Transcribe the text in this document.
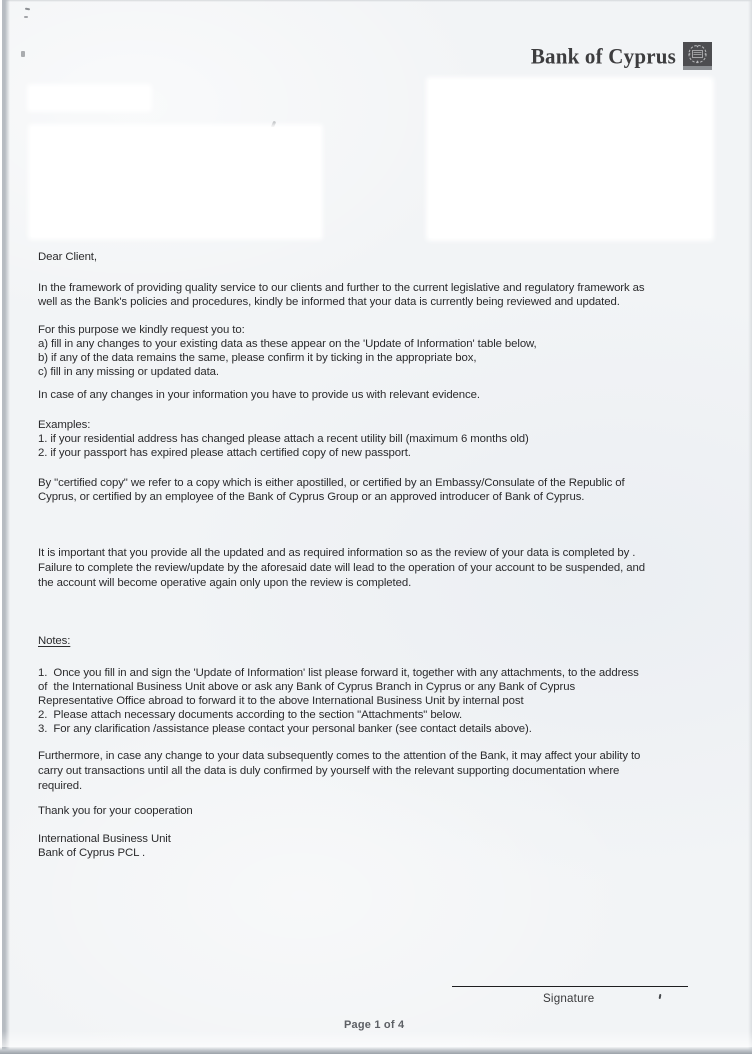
Bank of Cyprus
Dear Client,
In the framework of providing quality service to our clients and further to the current legislative and regulatory framework as
well as the Bank's policies and procedures, kindly be informed that your data is currently being reviewed and updated.
For this purpose we kindly request you to:
a) fill in any changes to your existing data as these appear on the 'Update of Information' table below,
b) if any of the data remains the same, please confirm it by ticking in the appropriate box,
c) fill in any missing or updated data.
In case of any changes in your information you have to provide us with relevant evidence.
Examples:
1. if your residential address has changed please attach a recent utility bill (maximum 6 months old)
2. if your passport has expired please attach certified copy of new passport.
By "certified copy" we refer to a copy which is either apostilled, or certified by an Embassy/Consulate of the Republic of
Cyprus, or certified by an employee of the Bank of Cyprus Group or an approved introducer of Bank of Cyprus.
It is important that you provide all the updated and as required information so as the review of your data is completed by .
Failure to complete the review/update by the aforesaid date will lead to the operation of your account to be suspended, and
the account will become operative again only upon the review is completed.
Notes:
1.  Once you fill in and sign the 'Update of Information' list please forward it, together with any attachments, to the address
of  the International Business Unit above or ask any Bank of Cyprus Branch in Cyprus or any Bank of Cyprus
Representative Office abroad to forward it to the above International Business Unit by internal post
2.  Please attach necessary documents according to the section "Attachments" below.
3.  For any clarification /assistance please contact your personal banker (see contact details above).
Furthermore, in case any change to your data subsequently comes to the attention of the Bank, it may affect your ability to
carry out transactions until all the data is duly confirmed by yourself with the relevant supporting documentation where
required.
Thank you for your cooperation
International Business Unit
Bank of Cyprus PCL .
Signature
Page 1 of 4
